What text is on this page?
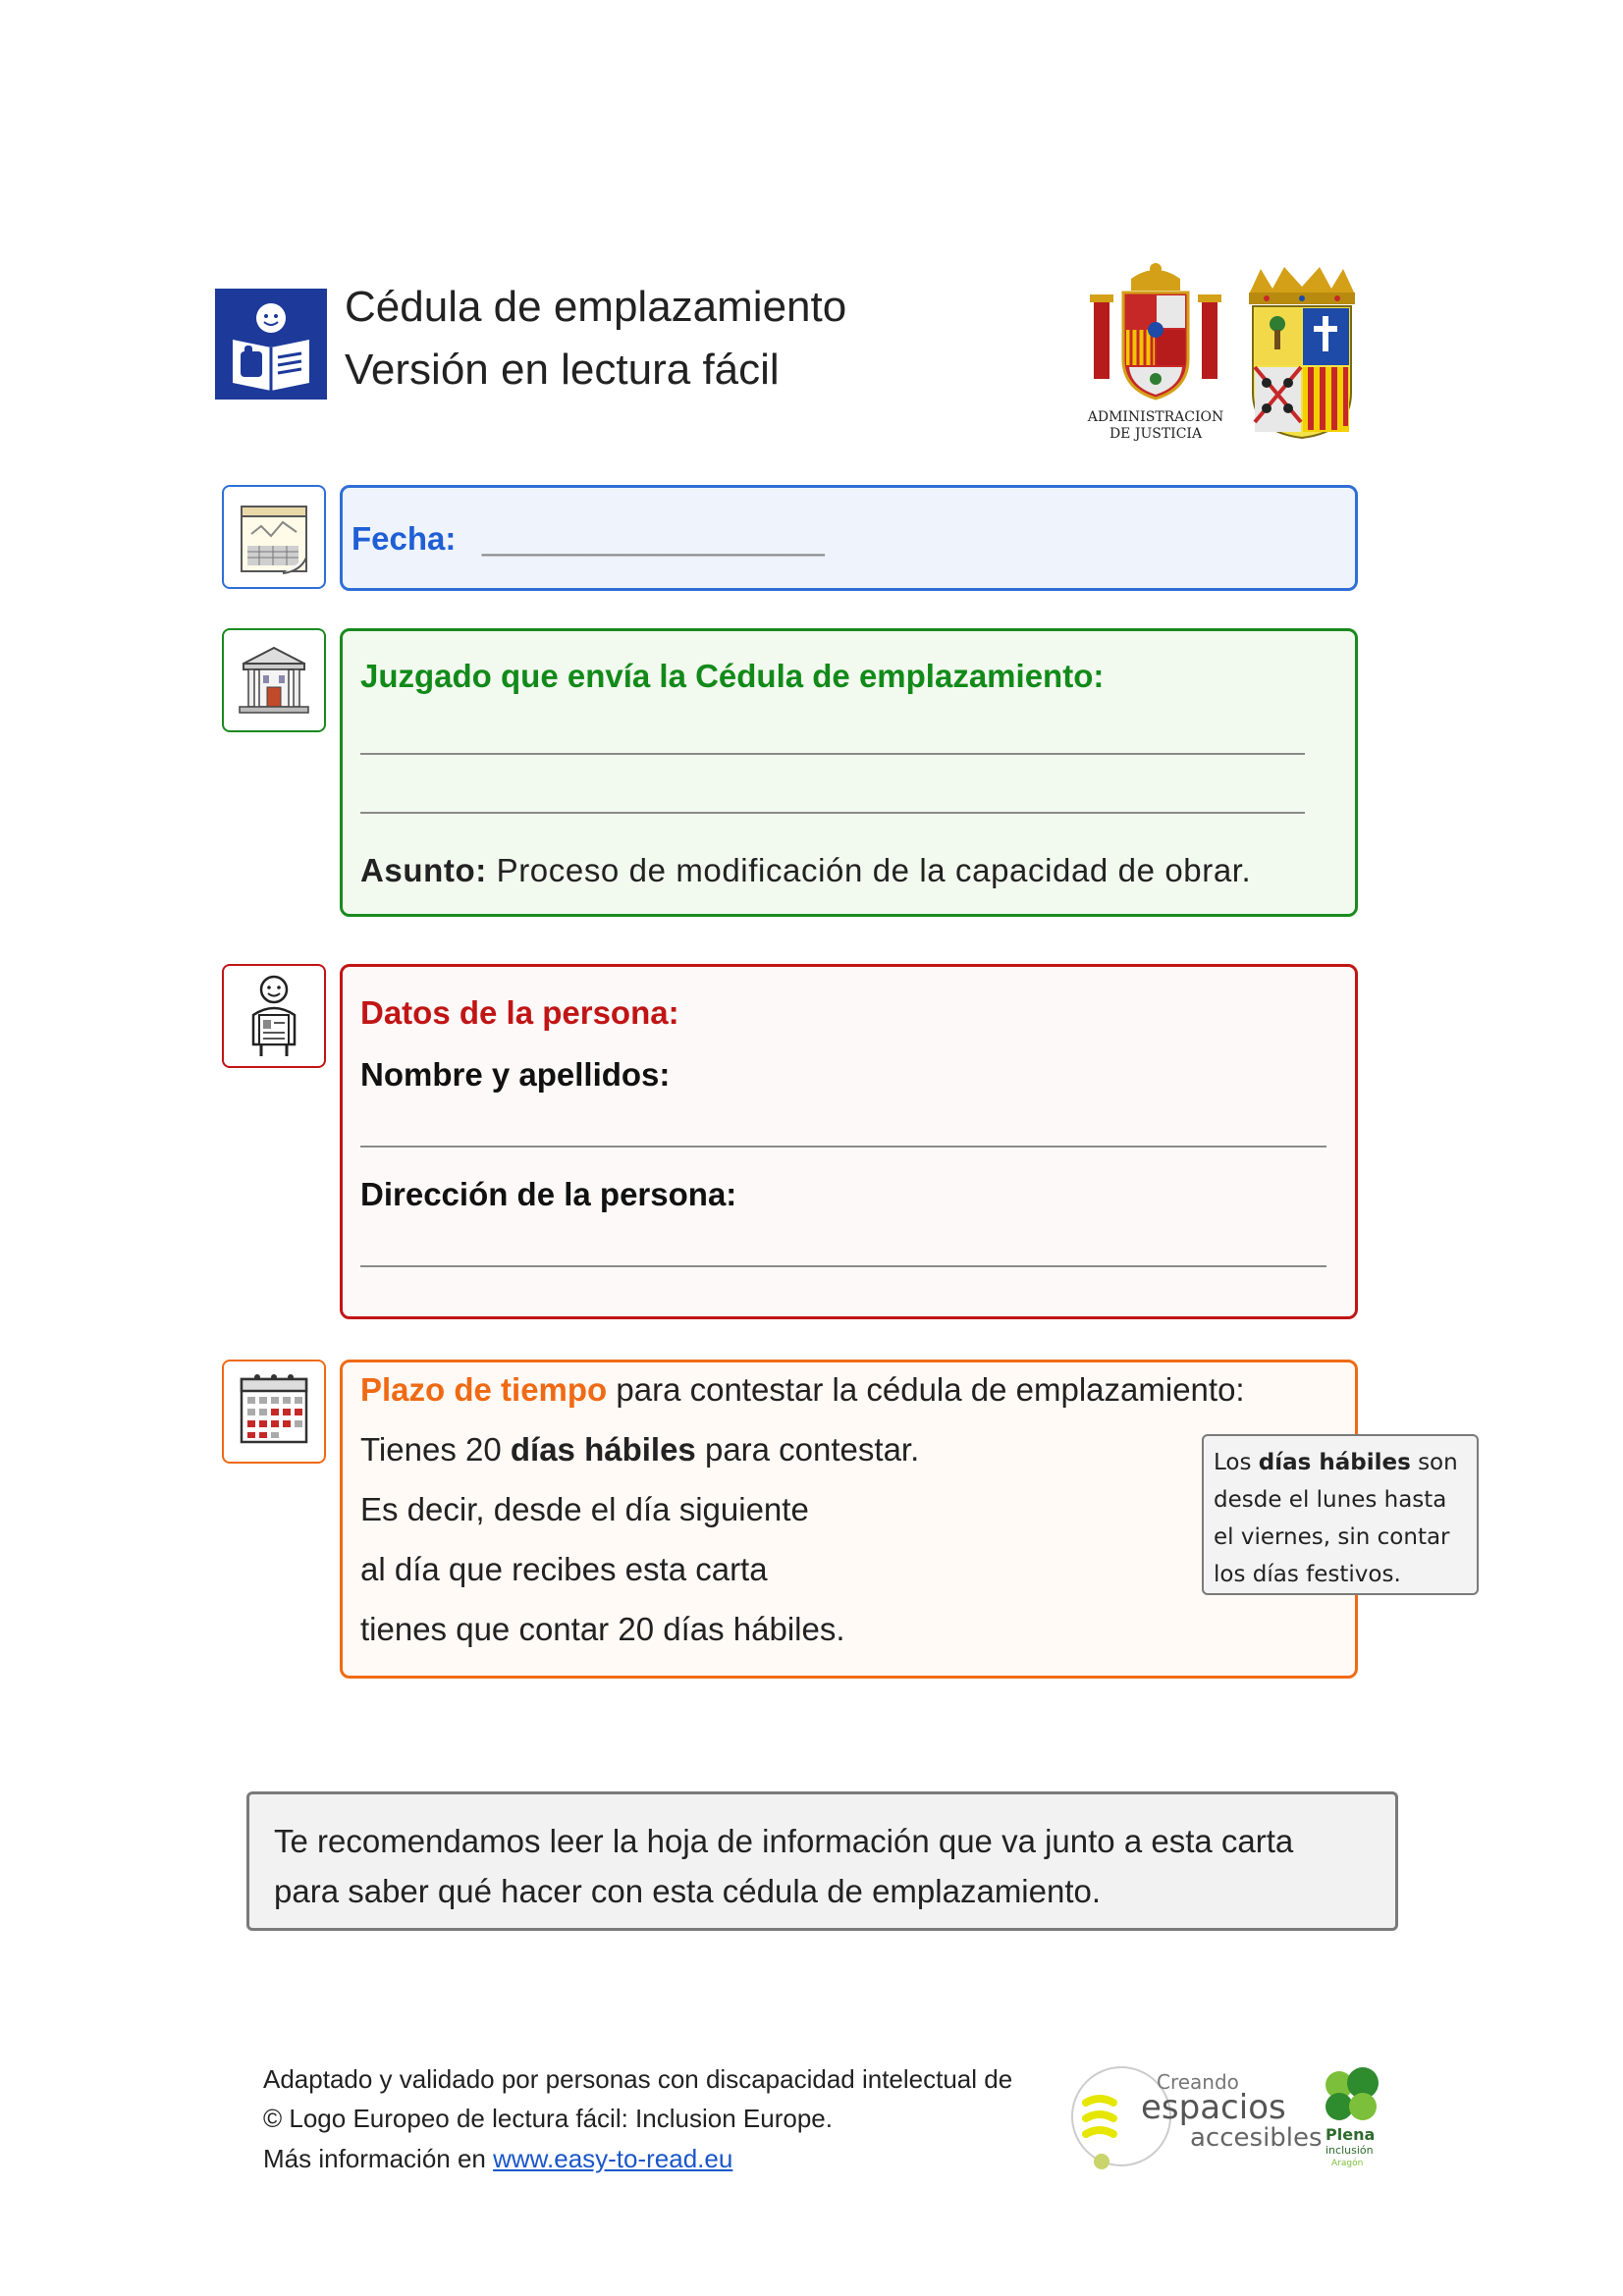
Cédula de emplazamiento
Versión en lectura fácil
ADMINISTRACION
DE JUSTICIA
Fecha: ___________________
Juzgado que envía la Cédula de emplazamiento:
Asunto: Proceso de modificación de la capacidad de obrar.
Datos de la persona:
Nombre y apellidos:
Dirección de la persona:
Plazo de tiempo para contestar la cédula de emplazamiento:
Tienes 20 días hábiles para contestar.
Es decir, desde el día siguiente
al día que recibes esta carta
tienes que contar 20 días hábiles.
Los días hábiles son
desde el lunes hasta
el viernes, sin contar
los días festivos.
Te recomendamos leer la hoja de información que va junto a esta carta
para saber qué hacer con esta cédula de emplazamiento.
Adaptado y validado por personas con discapacidad intelectual de
© Logo Europeo de lectura fácil: Inclusion Europe.
Más información en www.easy-to-read.eu
Creando
espacios
accesibles Plena
inclusión
Aragón
